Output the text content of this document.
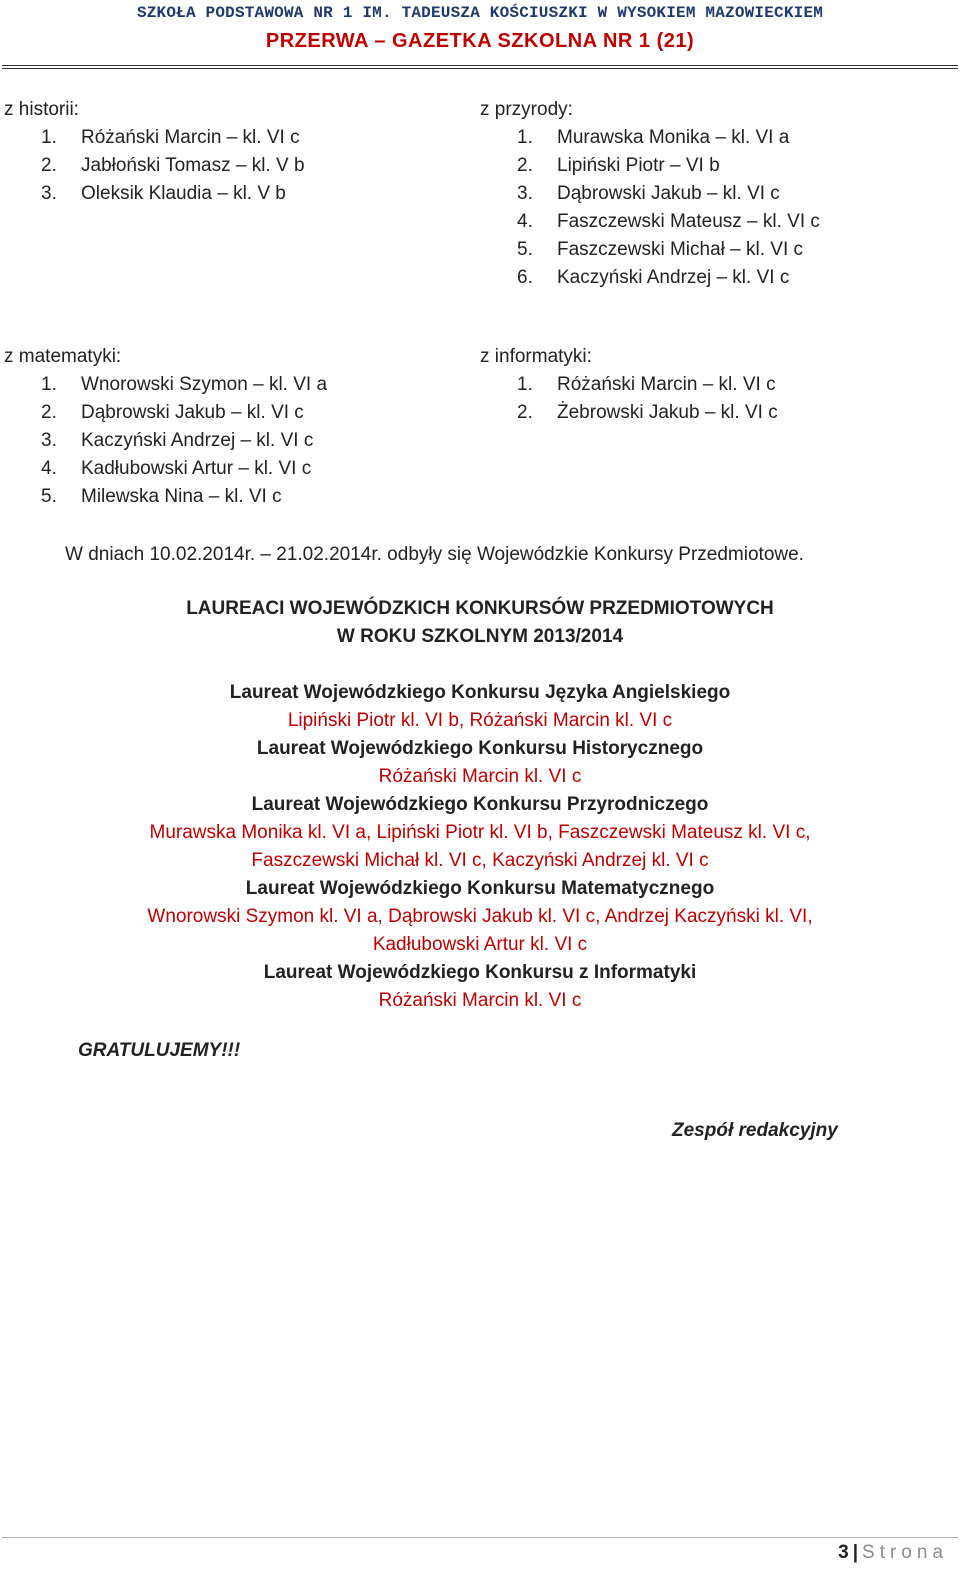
SZKOŁA PODSTAWOWA NR 1 IM. TADEUSZA KOŚCIUSZKI W WYSOKIEM MAZOWIECKIEM
PRZERWA – GAZETKA SZKOLNA NR 1 (21)
z historii:
1.	Różański Marcin – kl. VI c
2.	Jabłoński Tomasz – kl. V b
3.	Oleksik Klaudia – kl. V b
z przyrody:
1.	Murawska Monika – kl. VI a
2.	Lipiński Piotr – VI b
3.	Dąbrowski Jakub – kl. VI c
4.	Faszczewski Mateusz – kl. VI c
5.	Faszczewski Michał – kl. VI c
6.	Kaczyński Andrzej – kl. VI c
z matematyki:
1.	Wnorowski Szymon – kl. VI a
2.	Dąbrowski Jakub – kl. VI c
3.	Kaczyński Andrzej – kl. VI c
4.	Kadłubowski Artur – kl. VI c
5.	Milewska Nina – kl. VI c
z informatyki:
1.	Różański Marcin – kl. VI c
2.	Żebrowski Jakub – kl. VI c
W dniach 10.02.2014r. – 21.02.2014r. odbyły się Wojewódzkie Konkursy Przedmiotowe.
LAUREACI WOJEWÓDZKICH KONKURSÓW PRZEDMIOTOWYCH
W ROKU SZKOLNYM 2013/2014
Laureat Wojewódzkiego Konkursu Języka Angielskiego
Lipiński Piotr kl. VI b, Różański Marcin kl. VI c
Laureat Wojewódzkiego Konkursu Historycznego
Różański Marcin kl. VI c
Laureat Wojewódzkiego Konkursu Przyrodniczego
Murawska Monika kl. VI a, Lipiński Piotr kl. VI b, Faszczewski Mateusz kl. VI c,
Faszczewski Michał kl. VI c, Kaczyński Andrzej kl. VI c
Laureat Wojewódzkiego Konkursu Matematycznego
Wnorowski Szymon kl. VI a, Dąbrowski Jakub kl. VI c, Andrzej Kaczyński kl. VI,
Kadłubowski Artur kl. VI c
Laureat Wojewódzkiego Konkursu z Informatyki
Różański Marcin kl. VI c
GRATULUJEMY!!!
Zespół redakcyjny
3 | Strona
